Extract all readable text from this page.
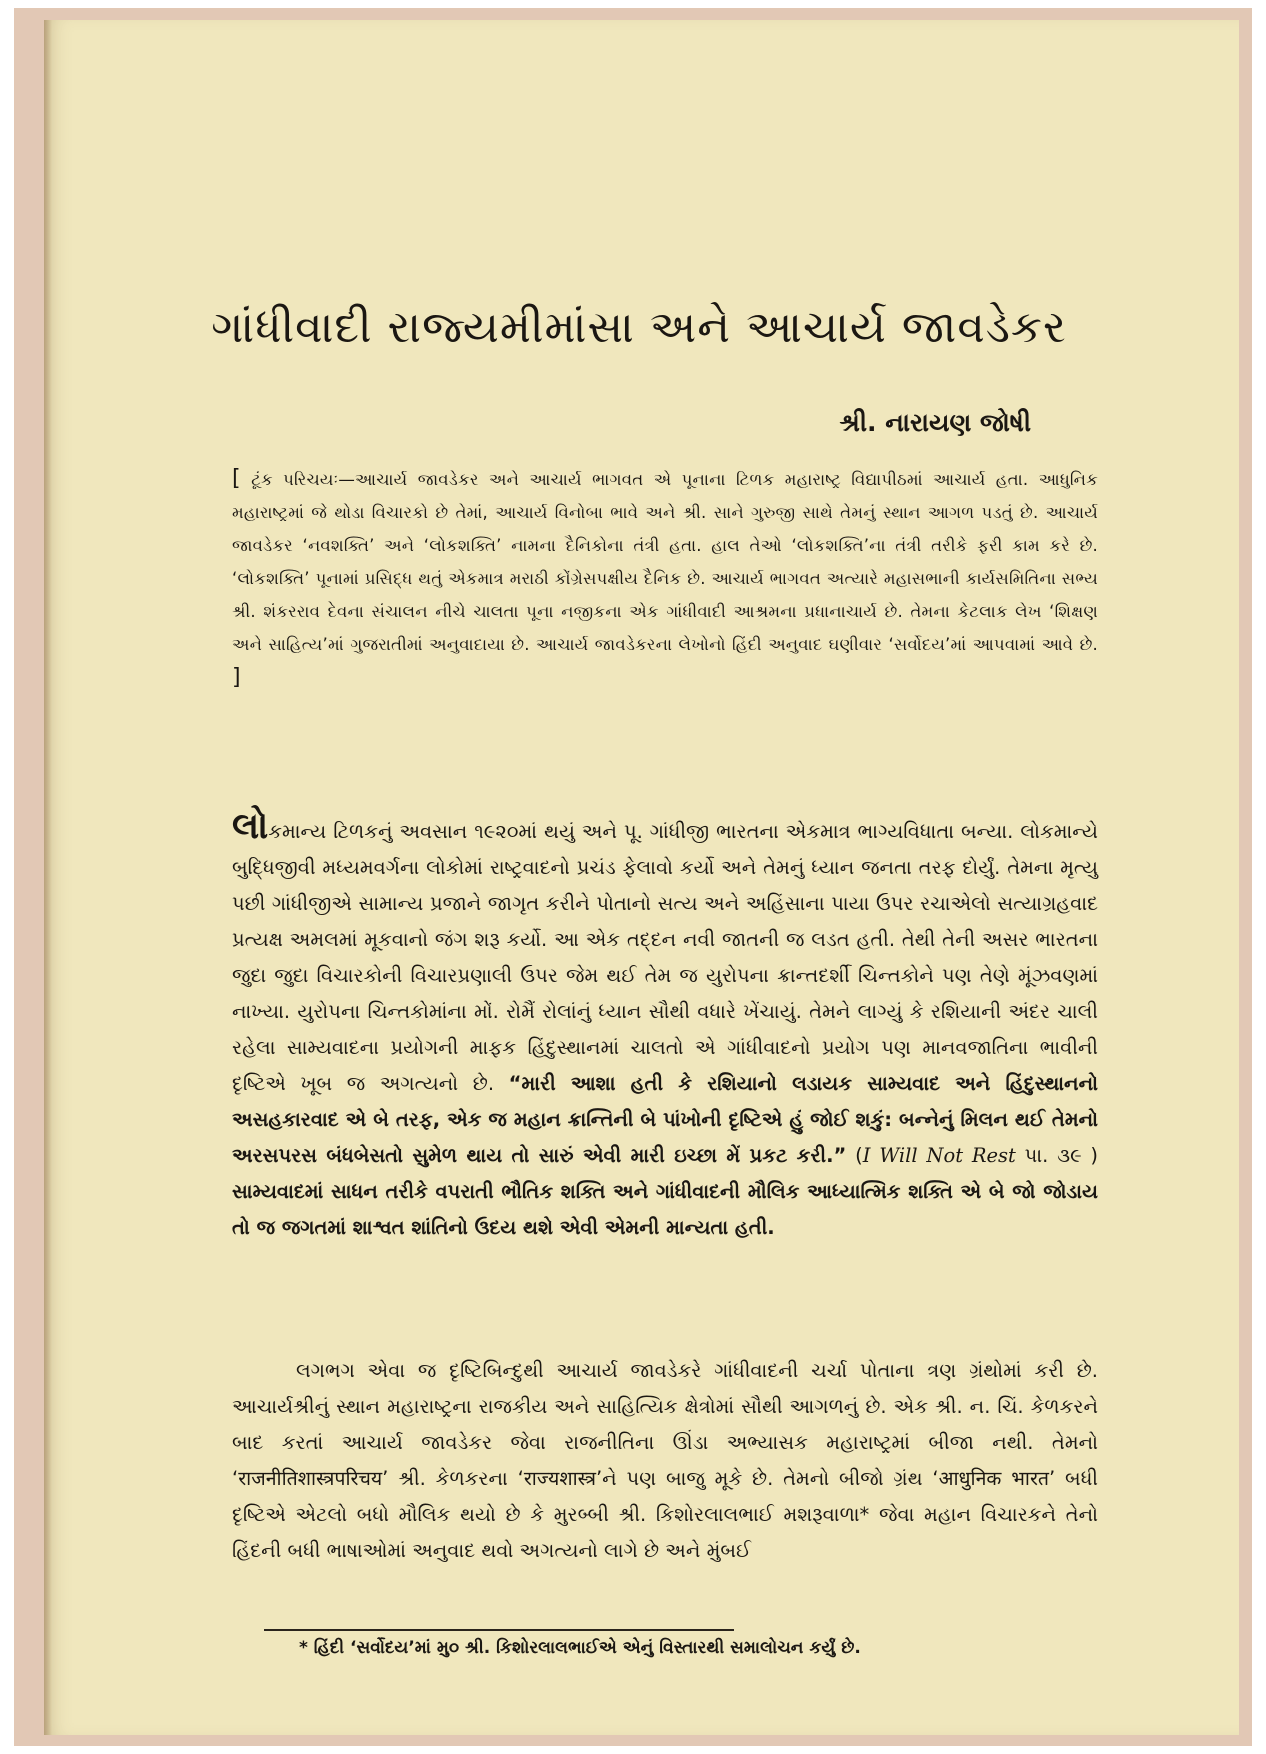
ગાંધીવાદી રાજ્યમીમાંસા અને આચાર્ય જાવડેકર

શ્રી. નારાયણ જોષી

[ ટૂંક પરિચયઃ—આચાર્ય જાવડેકર અને આચાર્ય ભાગવત એ પૂનાના ટિળક મહારાષ્ટ્ર વિદ્યાપીઠમાં આચાર્ય હતા. આધુનિક મહારાષ્ટ્રમાં જે થોડા વિચારકો છે તેમાં, આચાર્ય વિનોબા ભાવે અને શ્રી. સાને ગુરુજી સાથે તેમનું સ્થાન આગળ પડતું છે. આચાર્ય જાવડેકર ‘નવશક્તિ’ અને ‘લોકશક્તિ’ નામના દૈનિકોના તંત્રી હતા. હાલ તેઓ ‘લોકશક્તિ’ના તંત્રી તરીકે ફરી કામ કરે છે. ‘લોકશક્તિ’ પૂનામાં પ્રસિદ્ધ થતું એકમાત્ર મરાઠી કોંગ્રેસપક્ષીય દૈનિક છે. આચાર્ય ભાગવત અત્યારે મહાસભાની કાર્યસમિતિના સભ્ય શ્રી. શંકરરાવ દેવના સંચાલન નીચે ચાલતા પૂના નજીકના એક ગાંધીવાદી આશ્રમના પ્રધાનાચાર્ય છે. તેમના કેટલાક લેખ ‘શિક્ષણ અને સાહિત્ય’માં ગુજરાતીમાં અનુવાદાયા છે. આચાર્ય જાવડેકરના લેખોનો હિંદી અનુવાદ ઘણીવાર ‘સર્વોદય’માં આપવામાં આવે છે. ]

લોકમાન્ય ટિળકનું અવસાન ૧૯૨૦માં થયું અને પૂ. ગાંધીજી ભારતના એકમાત્ર ભાગ્યવિધાતા બન્યા. લોકમાન્યે બુદ્ધિજીવી મધ્યમવર્ગના લોકોમાં રાષ્ટ્રવાદનો પ્રચંડ ફેલાવો કર્યો અને તેમનું ધ્યાન જનતા તરફ દોર્યું. તેમના મૃત્યુ પછી ગાંધીજીએ સામાન્ય પ્રજાને જાગૃત કરીને પોતાનો સત્ય અને અહિંસાના પાયા ઉપર રચાએલો સત્યાગ્રહવાદ પ્રત્યક્ષ અમલમાં મૂકવાનો જંગ શરૂ કર્યો. આ એક તદ્દન નવી જાતની જ લડત હતી. તેથી તેની અસર ભારતના જુદા જુદા વિચારકોની વિચારપ્રણાલી ઉપર જેમ થઈ તેમ જ યુરોપના ક્રાન્તદર્શી ચિન્તકોને પણ તેણે મૂંઝવણમાં નાખ્યા. યુરોપના ચિન્તકોમાંના મોં. રોમૈં રોલાંનું ધ્યાન સૌથી વધારે ખેંચાયું. તેમને લાગ્યું કે રશિયાની અંદર ચાલી રહેલા સામ્યવાદના પ્રયોગની માફક હિંદુસ્થાનમાં ચાલતો એ ગાંધીવાદનો પ્રયોગ પણ માનવજાતિના ભાવીની દૃષ્ટિએ ખૂબ જ અગત્યનો છે. “મારી આશા હતી કે રશિયાનો લડાયક સામ્યવાદ અને હિંદુસ્થાનનો અસહકારવાદ એ બે તરફ, એક જ મહાન ક્રાન્તિની બે પાંખોની દૃષ્ટિએ હું જોઈ શકું: બન્નેનું મિલન થઈ તેમનો અરસપરસ બંધબેસતો સુમેળ થાય તો સારું એવી મારી ઇચ્છા મેં પ્રકટ કરી.” (I Will Not Rest પા. ૩૯ ) સામ્યવાદમાં સાધન તરીકે વપરાતી ભૌતિક શક્તિ અને ગાંધીવાદની મૌલિક આધ્યાત્મિક શક્તિ એ બે જો જોડાય તો જ જગતમાં શાશ્વત શાંતિનો ઉદય થશે એવી એમની માન્યતા હતી.

લગભગ એવા જ દૃષ્ટિબિન્દુથી આચાર્ય જાવડેકરે ગાંધીવાદની ચર્ચા પોતાના ત્રણ ગ્રંથોમાં કરી છે. આચાર્યશ્રીનું સ્થાન મહારાષ્ટ્રના રાજકીય અને સાહિત્યિક ક્ષેત્રોમાં સૌથી આગળનું છે. એક શ્રી. ન. ચિં. કેળકરને બાદ કરતાં આચાર્ય જાવડેકર જેવા રાજનીતિના ઊંડા અભ્યાસક મહારાષ્ટ્રમાં બીજા નથી. તેમનો ‘राजनीतिशास्त्रपरिचय’ શ્રી. કેળકરના ‘राज्यशास्त्र’ને પણ બાજુ મૂકે છે. તેમનો બીજો ગ્રંથ ‘आधुनिक भारत’ બધી દૃષ્ટિએ એટલો બધો મૌલિક થયો છે કે મુરબ્બી શ્રી. કિશોરલાલભાઈ મશરૂવાળા* જેવા મહાન વિચારકને તેનો હિંદની બધી ભાષાઓમાં અનુવાદ થવો અગત્યનો લાગે છે અને મુંબઈ

* હિંદી ‘સર્વોદય’માં મુ૦ શ્રી. કિશોરલાલભાઈએ એનું વિસ્તારથી સમાલોચન કર્યું છે.
